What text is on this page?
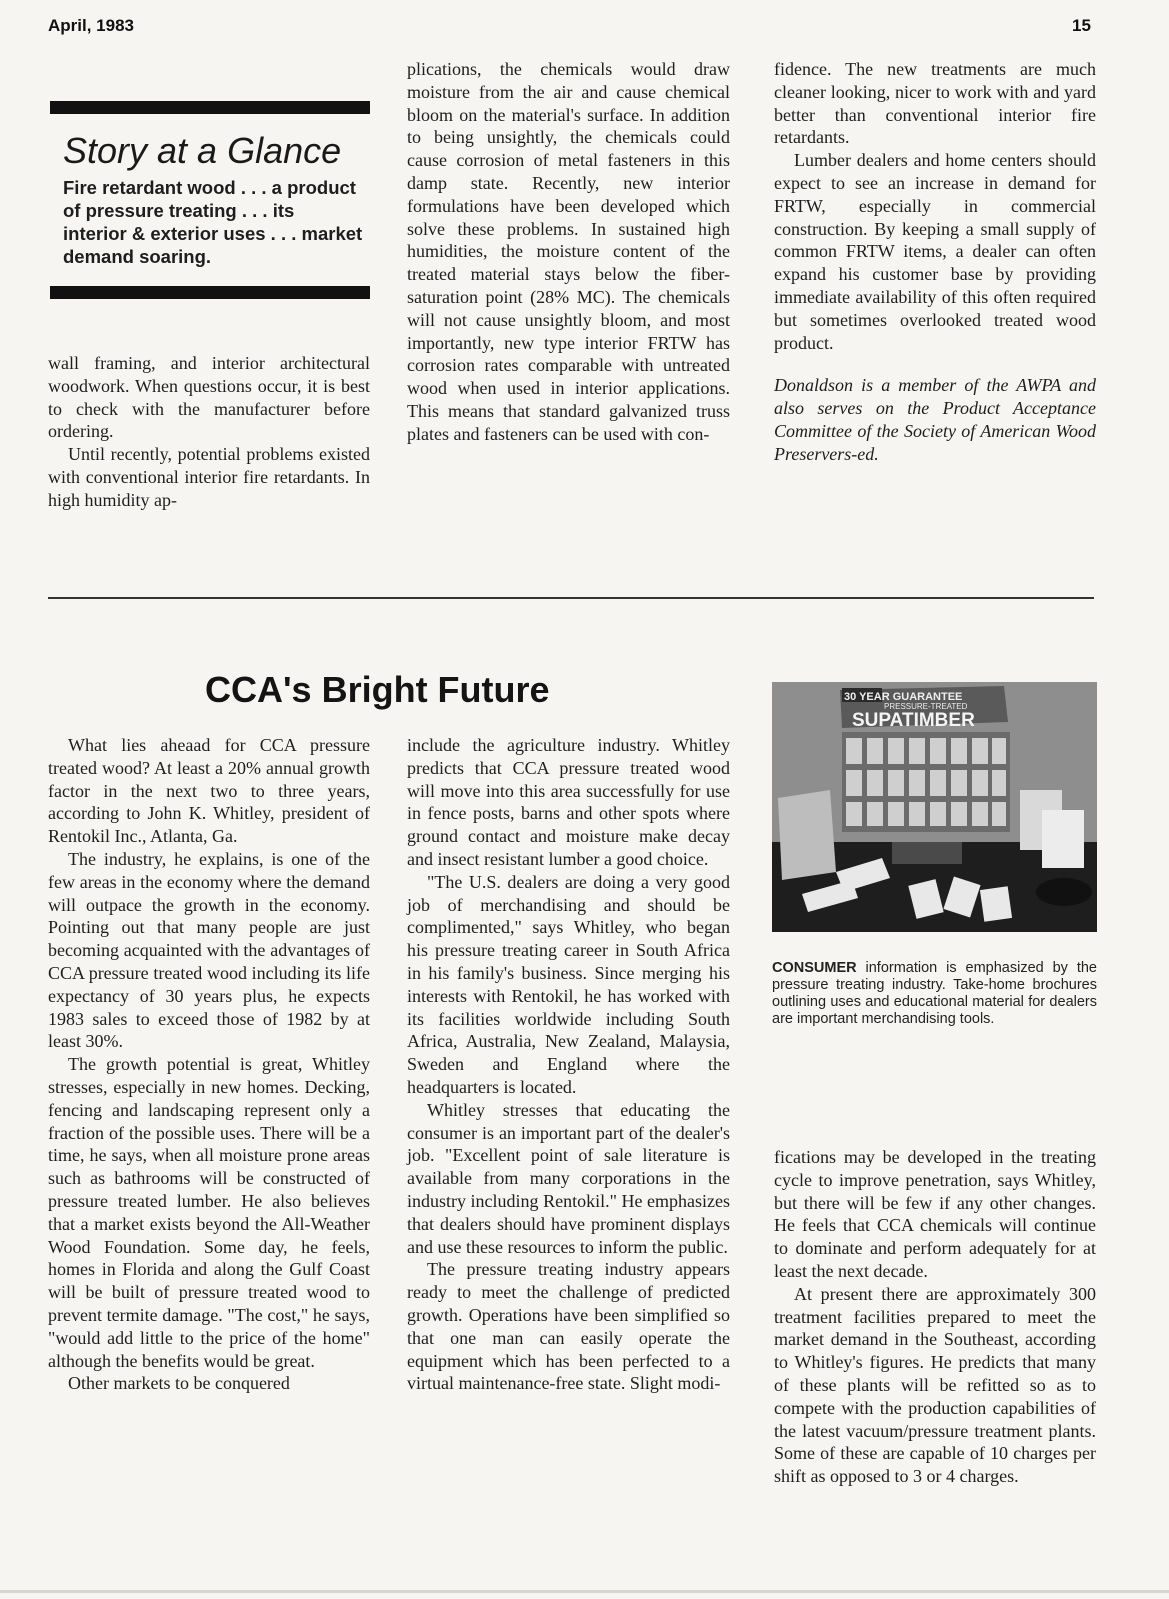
April, 1983	15
Story at a Glance
Fire retardant wood . . . a product of pressure treating . . . its interior & exterior uses . . . market demand soaring.

wall framing, and interior architectural woodwork. When questions occur, it is best to check with the manufacturer before ordering.

Until recently, potential problems existed with conventional interior fire retardants. In high humidity ap-

plications, the chemicals would draw moisture from the air and cause chemical bloom on the material's surface. In addition to being unsightly, the chemicals could cause corrosion of metal fasteners in this damp state. Recently, new interior formulations have been developed which solve these problems. In sustained high humidities, the moisture content of the treated material stays below the fiber-saturation point (28% MC). The chemicals will not cause unsightly bloom, and most importantly, new type interior FRTW has corrosion rates comparable with untreated wood when used in interior applications. This means that standard galvanized truss plates and fasteners can be used with con-

fidence. The new treatments are much cleaner looking, nicer to work with and yard better than conventional interior fire retardants.

Lumber dealers and home centers should expect to see an increase in demand for FRTW, especially in commercial construction. By keeping a small supply of common FRTW items, a dealer can often expand his customer base by providing immediate availability of this often required but sometimes overlooked treated wood product.

Donaldson is a member of the AWPA and also serves on the Product Acceptance Committee of the Society of American Wood Preservers-ed.

CCA's Bright Future

What lies aheaad for CCA pressure treated wood? At least a 20% annual growth factor in the next two to three years, according to John K. Whitley, president of Rentokil Inc., Atlanta, Ga.

The industry, he explains, is one of the few areas in the economy where the demand will outpace the growth in the economy. Pointing out that many people are just becoming acquainted with the advantages of CCA pressure treated wood including its life expectancy of 30 years plus, he expects 1983 sales to exceed those of 1982 by at least 30%.

The growth potential is great, Whitley stresses, especially in new homes. Decking, fencing and landscaping represent only a fraction of the possible uses. There will be a time, he says, when all moisture prone areas such as bathrooms will be constructed of pressure treated lumber. He also believes that a market exists beyond the All-Weather Wood Foundation. Some day, he feels, homes in Florida and along the Gulf Coast will be built of pressure treated wood to prevent termite damage. "The cost," he says, "would add little to the price of the home" although the benefits would be great.

Other markets to be conquered

include the agriculture industry. Whitley predicts that CCA pressure treated wood will move into this area successfully for use in fence posts, barns and other spots where ground contact and moisture make decay and insect resistant lumber a good choice.

"The U.S. dealers are doing a very good job of merchandising and should be complimented," says Whitley, who began his pressure treating career in South Africa in his family's business. Since merging his interests with Rentokil, he has worked with its facilities worldwide including South Africa, Australia, New Zealand, Malaysia, Sweden and England where the headquarters is located.

Whitley stresses that educating the consumer is an important part of the dealer's job. "Excellent point of sale literature is available from many corporations in the industry including Rentokil." He emphasizes that dealers should have prominent displays and use these resources to inform the public.

The pressure treating industry appears ready to meet the challenge of predicted growth. Operations have been simplified so that one man can easily operate the equipment which has been perfected to a virtual maintenance-free state. Slight modi-

30 YEAR GUARANTEE
PRESSURE-TREATED
SUPATIMBER
CONSUMER information is emphasized by the pressure treating industry. Take-home brochures outlining uses and educational material for dealers are important merchandising tools.

fications may be developed in the treating cycle to improve penetration, says Whitley, but there will be few if any other changes. He feels that CCA chemicals will continue to dominate and perform adequately for at least the next decade.

At present there are approximately 300 treatment facilities prepared to meet the market demand in the Southeast, according to Whitley's figures. He predicts that many of these plants will be refitted so as to compete with the production capabilities of the latest vacuum/pressure treatment plants. Some of these are capable of 10 charges per shift as opposed to 3 or 4 charges.
